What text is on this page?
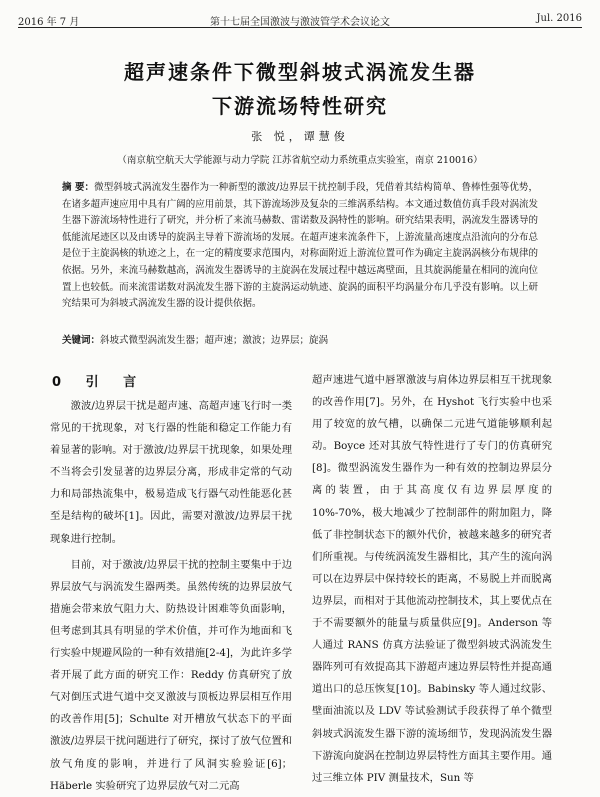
2016 年 7 月	第十七届全国激波与激波管学术会议论文	Jul. 2016
超声速条件下微型斜坡式涡流发生器
下游流场特性研究
张 悦，谭慧俊
（南京航空航天大学能源与动力学院 江苏省航空动力系统重点实验室，南京 210016）
摘 要：微型斜坡式涡流发生器作为一种新型的激波/边界层干扰控制手段，凭借着其结构简单、鲁棒性强等优势，在诸多超声速应用中具有广阔的应用前景，其下游流场涉及复杂的三维涡系结构。本文通过数值仿真手段对涡流发生器下游流场特性进行了研究，并分析了来流马赫数、雷诺数及涡特性的影响。研究结果表明，涡流发生器诱导的低能流尾迹区以及由诱导的旋涡主导着下游流场的发展。在超声速来流条件下，上游流量高速度点沿流向的分布总是位于主旋涡核的轨迹之上，在一定的精度要求范围内，对称面附近上游流位置可作为确定主旋涡涡核分布规律的依据。另外，来流马赫数越高，涡流发生器诱导的主旋涡在发展过程中越远离壁面，且其旋涡能量在相同的流向位置上也较低。而来流雷诺数对涡流发生器下游的主旋涡运动轨迹、旋涡的面积平均涡量分布几乎没有影响。以上研究结果可为斜坡式涡流发生器的设计提供依据。
关键词：斜坡式微型涡流发生器；超声速；激波；边界层；旋涡
0 引 言

激波/边界层干扰是超声速、高超声速飞行时一类常见的干扰现象，对飞行器的性能和稳定工作能力有着显著的影响。对于激波/边界层干扰现象，如果处理不当将会引发显著的边界层分离，形成非定常的气动力和局部热流集中，极易造成飞行器气动性能恶化甚至是结构的破坏[1]。因此，需要对激波/边界层干扰现象进行控制。

目前，对于激波/边界层干扰的控制主要集中于边界层放气与涡流发生器两类。虽然传统的边界层放气措施会带来放气阻力大、防热设计困难等负面影响，但考虑到其具有明显的学术价值，并可作为地面和飞行实验中规避风险的一种有效措施[2-4]，为此许多学者开展了此方面的研究工作：Reddy 仿真研究了放气对倒压式进气道中交叉激波与顶板边界层相互作用的改善作用[5]；Schulte 对开槽放气状态下的平面激波/边界层干扰问题进行了研究，探讨了放气位置和放气角度的影响，并进行了风洞实验验证[6]；Häberle 实验研究了边界层放气对二元高

超声速进气道中唇罩激波与肩体边界层相互干扰现象的改善作用[7]。另外，在 Hyshot 飞行实验中也采用了较宽的放气槽，以确保二元进气道能够顺利起动。Boyce 还对其放气特性进行了专门的仿真研究[8]。微型涡流发生器作为一种有效的控制边界层分离的装置，由于其高度仅有边界层厚度的10%-70%，极大地减少了控制部件的附加阻力，降低了非控制状态下的额外代价，被越来越多的研究者们所重视。与传统涡流发生器相比，其产生的流向涡可以在边界层中保持较长的距离，不易脱上并而脱离边界层，而相对于其他流动控制技术，其上要优点在于不需要额外的能量与质量供应[9]。Anderson 等人通过 RANS 仿真方法验证了微型斜坡式涡流发生器阵列可有效提高其下游超声速边界层特性并提高通道出口的总压恢复[10]。Babinsky 等人通过纹影、壁面油流以及 LDV 等试验测试手段获得了单个微型斜坡式涡流发生器下游的流场细节，发现涡流发生器下游流向旋涡在控制边界层特性方面其主要作用。通过三维立体 PIV 测量技术，Sun 等
